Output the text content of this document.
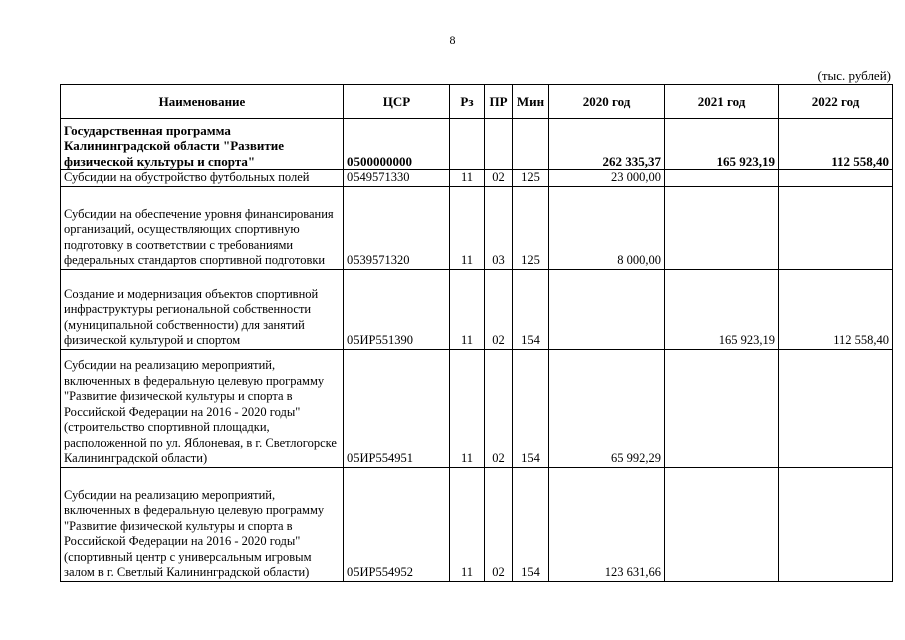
8
(тыс. рублей)
Наименование	ЦСР	Рз	ПР	Мин	2020 год	2021 год	2022 год
Государственная программа Калининградской области "Развитие физической культуры и спорта"	0500000000				262 335,37	165 923,19	112 558,40
Субсидии на обустройство футбольных полей	0549571330	11	02	125	23 000,00		
Субсидии на обеспечение уровня финансирования организаций, осуществляющих спортивную подготовку в соответствии с требованиями федеральных стандартов спортивной подготовки	0539571320	11	03	125	8 000,00		
Создание и модернизация объектов спортивной инфраструктуры региональной собственности (муниципальной собственности) для занятий физической культурой и спортом	05ИР551390	11	02	154		165 923,19	112 558,40
Субсидии на реализацию мероприятий, включенных в федеральную целевую программу "Развитие физической культуры и спорта в Российской Федерации на 2016 - 2020 годы" (строительство спортивной площадки, расположенной по ул. Яблоневая, в г. Светлогорске Калининградской области)	05ИР554951	11	02	154	65 992,29		
Субсидии на реализацию мероприятий, включенных в федеральную целевую программу "Развитие физической культуры и спорта в Российской Федерации на 2016 - 2020 годы" (спортивный центр с универсальным игровым залом в г. Светлый Калининградской области)	05ИР554952	11	02	154	123 631,66		
